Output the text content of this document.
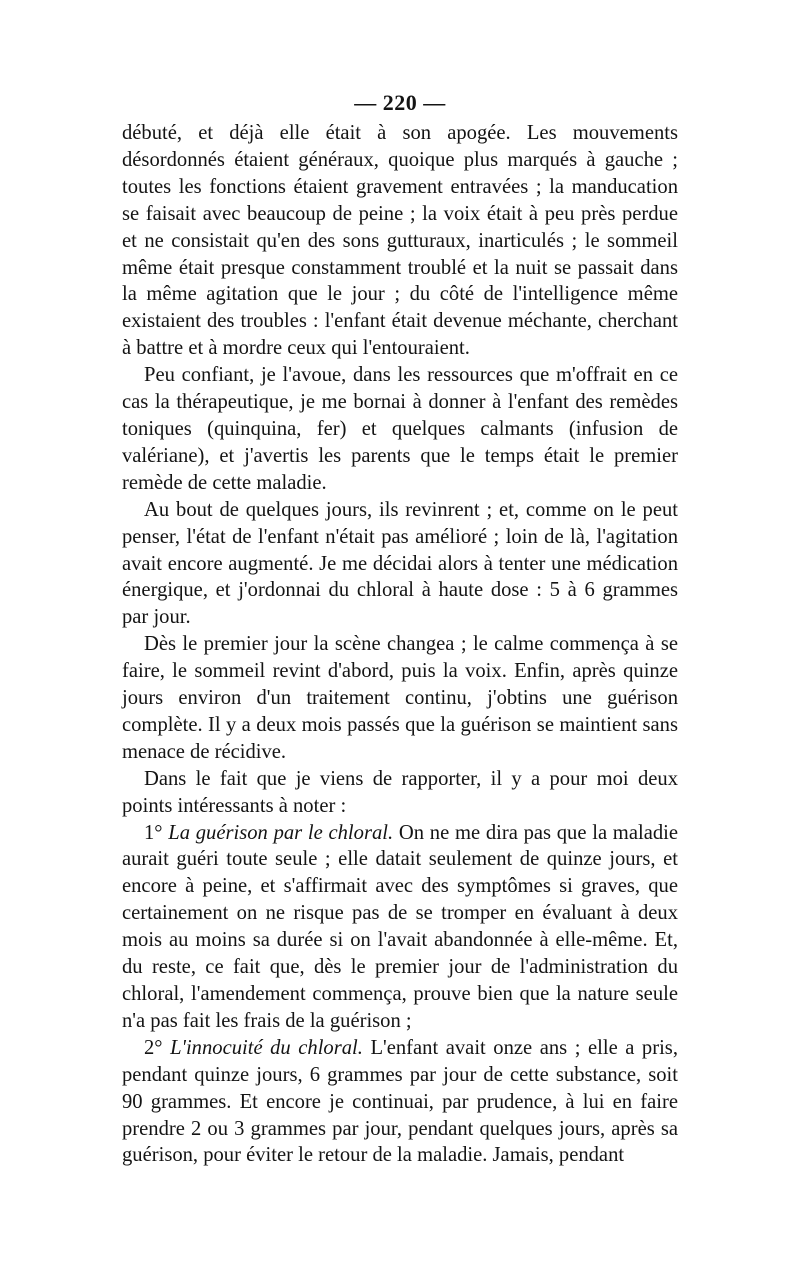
— 220 —

débuté, et déjà elle était à son apogée. Les mouvements désordonnés étaient généraux, quoique plus marqués à gauche ; toutes les fonctions étaient gravement entravées ; la manducation se faisait avec beaucoup de peine ; la voix était à peu près perdue et ne consistait qu'en des sons gutturaux, inarticulés ; le sommeil même était presque constamment troublé et la nuit se passait dans la même agitation que le jour ; du côté de l'intelligence même existaient des troubles : l'enfant était devenue méchante, cherchant à battre et à mordre ceux qui l'entouraient.

Peu confiant, je l'avoue, dans les ressources que m'offrait en ce cas la thérapeutique, je me bornai à donner à l'enfant des remèdes toniques (quinquina, fer) et quelques calmants (infusion de valériane), et j'avertis les parents que le temps était le premier remède de cette maladie.

Au bout de quelques jours, ils revinrent ; et, comme on le peut penser, l'état de l'enfant n'était pas amélioré ; loin de là, l'agitation avait encore augmenté. Je me décidai alors à tenter une médication énergique, et j'ordonnai du chloral à haute dose : 5 à 6 grammes par jour.

Dès le premier jour la scène changea ; le calme commença à se faire, le sommeil revint d'abord, puis la voix. Enfin, après quinze jours environ d'un traitement continu, j'obtins une guérison complète. Il y a deux mois passés que la guérison se maintient sans menace de récidive.

Dans le fait que je viens de rapporter, il y a pour moi deux points intéressants à noter :

1° La guérison par le chloral. On ne me dira pas que la maladie aurait guéri toute seule ; elle datait seulement de quinze jours, et encore à peine, et s'affirmait avec des symptômes si graves, que certainement on ne risque pas de se tromper en évaluant à deux mois au moins sa durée si on l'avait abandonnée à elle-même. Et, du reste, ce fait que, dès le premier jour de l'administration du chloral, l'amendement commença, prouve bien que la nature seule n'a pas fait les frais de la guérison ;

2° L'innocuité du chloral. L'enfant avait onze ans ; elle a pris, pendant quinze jours, 6 grammes par jour de cette substance, soit 90 grammes. Et encore je continuai, par prudence, à lui en faire prendre 2 ou 3 grammes par jour, pendant quelques jours, après sa guérison, pour éviter le retour de la maladie. Jamais, pendant
